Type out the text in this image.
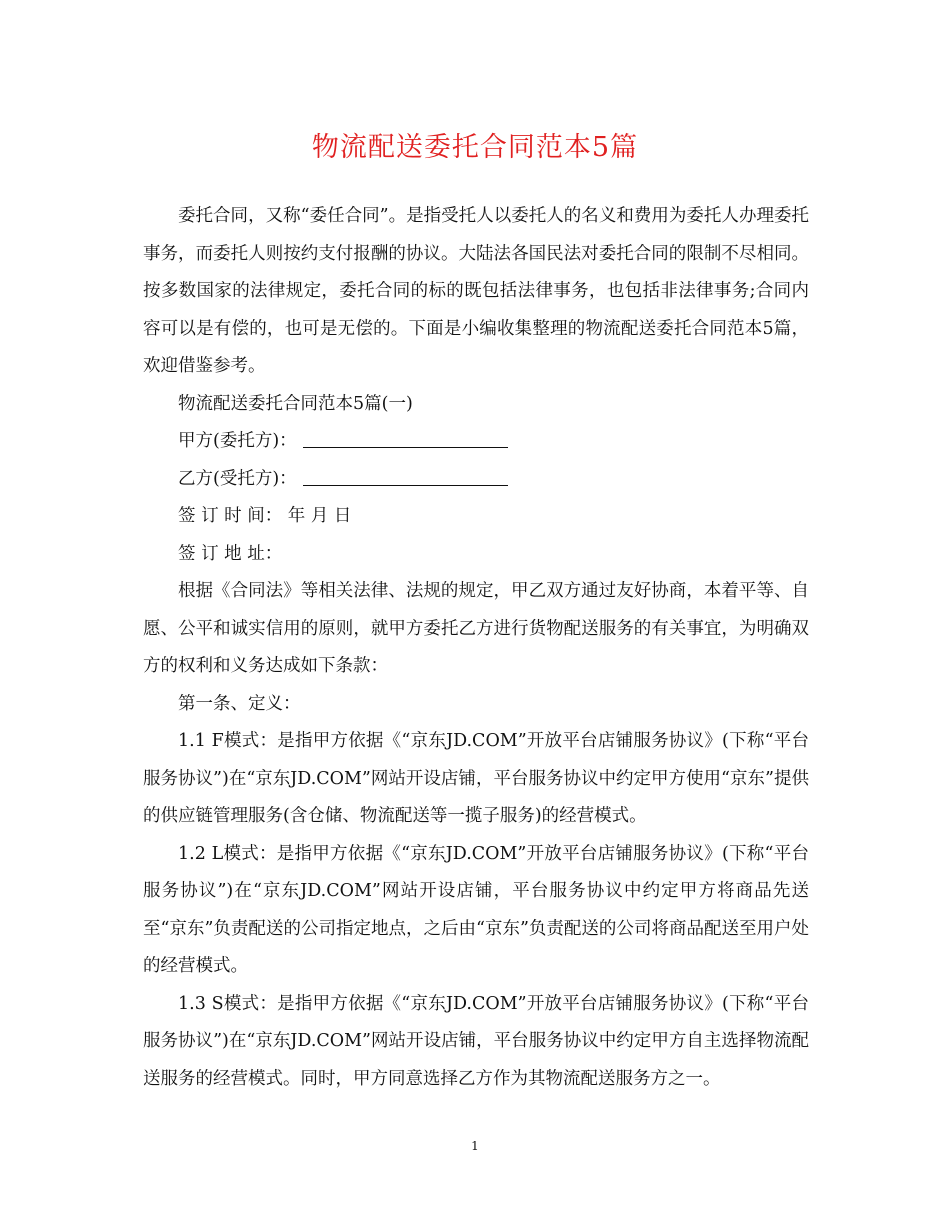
物流配送委托合同范本5篇

委托合同，又称“委任合同”。是指受托人以委托人的名义和费用为委托人办理委托事务，而委托人则按约支付报酬的协议。大陆法各国民法对委托合同的限制不尽相同。按多数国家的法律规定，委托合同的标的既包括法律事务，也包括非法律事务;合同内容可以是有偿的，也可是无偿的。下面是小编收集整理的物流配送委托合同范本5篇，欢迎借鉴参考。

物流配送委托合同范本5篇(一)

甲方(委托方)：

乙方(受托方)：

签 订 时 间： 年 月 日

签 订 地 址：

根据《合同法》等相关法律、法规的规定，甲乙双方通过友好协商，本着平等、自愿、公平和诚实信用的原则，就甲方委托乙方进行货物配送服务的有关事宜，为明确双方的权利和义务达成如下条款：

第一条、定义：

1.1 F模式：是指甲方依据《“京东JD.COM”开放平台店铺服务协议》(下称“平台服务协议”)在“京东JD.COM”网站开设店铺，平台服务协议中约定甲方使用“京东”提供的供应链管理服务(含仓储、物流配送等一揽子服务)的经营模式。

1.2 L模式：是指甲方依据《“京东JD.COM”开放平台店铺服务协议》(下称“平台服务协议”)在“京东JD.COM”网站开设店铺，平台服务协议中约定甲方将商品先送至“京东”负责配送的公司指定地点，之后由“京东”负责配送的公司将商品配送至用户处的经营模式。

1.3 S模式：是指甲方依据《“京东JD.COM”开放平台店铺服务协议》(下称“平台服务协议”)在“京东JD.COM”网站开设店铺，平台服务协议中约定甲方自主选择物流配送服务的经营模式。同时，甲方同意选择乙方作为其物流配送服务方之一。

1
